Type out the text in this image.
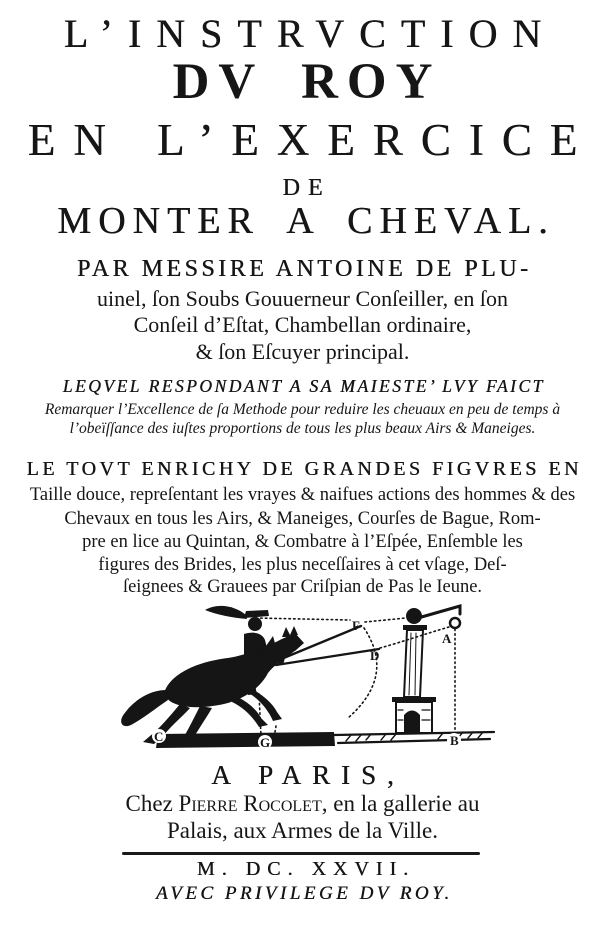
L’INSTRVCTION
DV ROY
EN L’EXERCICE
DE
MONTER A CHEVAL.
PAR MESSIRE ANTOINE DE PLU-
uinel, ſon Soubs Gouuerneur Conſeiller, en ſon
Conſeil d’Eſtat, Chambellan ordinaire,
& ſon Eſcuyer principal.
LEQVEL RESPONDANT A SA MAIESTE’ LVY FAICT
Remarquer l’Excellence de ſa Methode pour reduire les cheuaux en peu de temps à
l’obeïſſance des iuſtes proportions de tous les plus beaux Airs & Maneiges.
LE TOVT ENRICHY DE GRANDES FIGVRES EN
Taille douce, repreſentant les vrayes & naifues actions des hommes & des
Chevaux en tous les Airs, & Maneiges, Courſes de Bague, Rom-
pre en lice au Quintan, & Combatre à l’Eſpée, Enſemble les
figures des Brides, les plus neceſſaires à cet vſage, Deſ-
ſeignees & Grauees par Criſpian de Pas le Ieune.
F
D
A
C	G	B
A PARIS,
Chez Pierre Rocolet, en la gallerie au
Palais, aux Armes de la Ville.
M. DC. XXVII.
AVEC PRIVILEGE DV ROY.
